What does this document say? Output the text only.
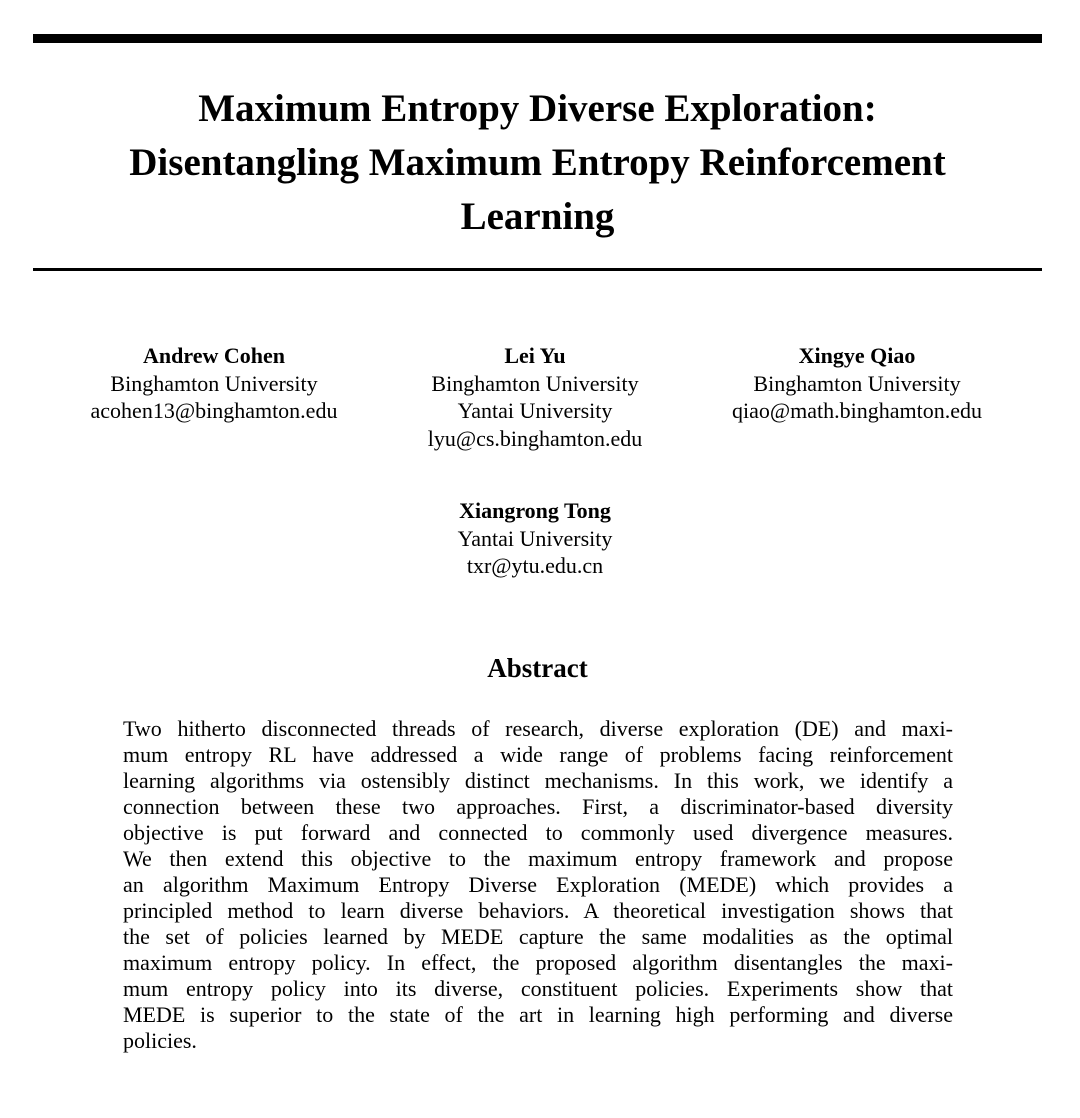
Maximum Entropy Diverse Exploration:
Disentangling Maximum Entropy Reinforcement
Learning
Andrew Cohen
Binghamton University
acohen13@binghamton.edu
Lei Yu
Binghamton University
Yantai University
lyu@cs.binghamton.edu
Xingye Qiao
Binghamton University
qiao@math.binghamton.edu
Xiangrong Tong
Yantai University
txr@ytu.edu.cn
Abstract
Two hitherto disconnected threads of research, diverse exploration (DE) and maxi-
mum entropy RL have addressed a wide range of problems facing reinforcement
learning algorithms via ostensibly distinct mechanisms. In this work, we identify a
connection between these two approaches. First, a discriminator-based diversity
objective is put forward and connected to commonly used divergence measures.
We then extend this objective to the maximum entropy framework and propose
an algorithm Maximum Entropy Diverse Exploration (MEDE) which provides a
principled method to learn diverse behaviors. A theoretical investigation shows that
the set of policies learned by MEDE capture the same modalities as the optimal
maximum entropy policy. In effect, the proposed algorithm disentangles the maxi-
mum entropy policy into its diverse, constituent policies. Experiments show that
MEDE is superior to the state of the art in learning high performing and diverse
policies.
